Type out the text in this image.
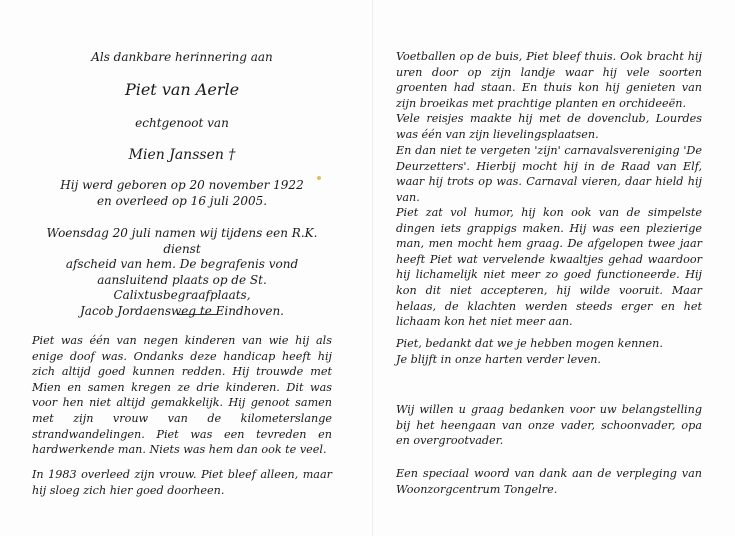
Als dankbare herinnering aan

Piet van Aerle

echtgenoot van

Mien Janssen †

Hij werd geboren op 20 november 1922

en overleed op 16 juli 2005.

Woensdag 20 juli namen wij tijdens een R.K. dienst
afscheid van hem. De begrafenis vond
aansluitend plaats op de St. Calixtusbegraafplaats,
Jacob Jordaensweg te Eindhoven.

Piet was één van negen kinderen van wie hij als enige doof was. Ondanks deze handicap heeft hij zich altijd goed kunnen redden. Hij trouwde met Mien en samen kregen ze drie kinderen. Dit was voor hen niet altijd gemakkelijk. Hij genoot samen met zijn vrouw van de kilometerslange strandwandelingen. Piet was een tevreden en hardwerkende man. Niets was hem dan ook te veel.

In 1983 overleed zijn vrouw. Piet bleef alleen, maar hij sloeg zich hier goed doorheen.

Voetballen op de buis, Piet bleef thuis. Ook bracht hij uren door op zijn landje waar hij vele soorten groenten had staan. En thuis kon hij genieten van zijn broeikas met prachtige planten en orchideeën.

Vele reisjes maakte hij met de dovenclub, Lourdes was één van zijn lievelingsplaatsen.

En dan niet te vergeten 'zijn' carnavalsvereniging 'De Deurzetters'. Hierbij mocht hij in de Raad van Elf, waar hij trots op was. Carnaval vieren, daar hield hij van.

Piet zat vol humor, hij kon ook van de simpelste dingen iets grappigs maken. Hij was een plezierige man, men mocht hem graag. De afgelopen twee jaar heeft Piet wat vervelende kwaaltjes gehad waardoor hij lichamelijk niet meer zo goed functioneerde. Hij kon dit niet accepteren, hij wilde vooruit. Maar helaas, de klachten werden steeds erger en het lichaam kon het niet meer aan.

Piet, bedankt dat we je hebben mogen kennen.
Je blijft in onze harten verder leven.

Wij willen u graag bedanken voor uw belangstelling bij het heengaan van onze vader, schoonvader, opa en overgrootvader.

Een speciaal woord van dank aan de verpleging van Woonzorgcentrum Tongelre.
